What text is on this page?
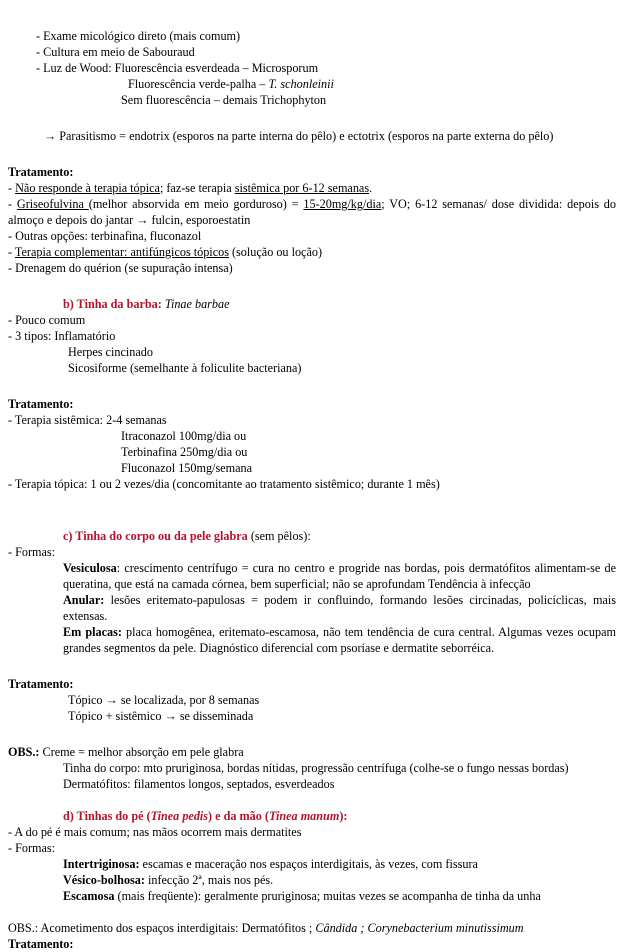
- Exame micológico direto (mais comum)
- Cultura em meio de Sabouraud
- Luz de Wood: Fluorescência esverdeada – Microsporum
Fluorescência verde-palha – T. schonleinii
Sem fluorescência – demais Trichophyton
→ Parasitismo = endotrix (esporos na parte interna do pêlo) e ectotrix (esporos na parte externa do pêlo)
Tratamento:
- Não responde à terapia tópica; faz-se terapia sistêmica por 6-12 semanas.
- Griseofulvina (melhor absorvida em meio gorduroso) = 15-20mg/kg/dia; VO; 6-12 semanas/ dose dividida: depois do almoço e depois do jantar → fulcin, esporoestatin
- Outras opções: terbinafina, fluconazol
- Terapia complementar: antifúngicos tópicos (solução ou loção)
- Drenagem do quérion (se supuração intensa)
b) Tinha da barba: Tinae barbae
- Pouco comum
- 3 tipos: Inflamatório
Herpes cincinado
Sicosiforme (semelhante à foliculite bacteriana)
Tratamento:
- Terapia sistêmica: 2-4 semanas
Itraconazol 100mg/dia ou
Terbinafina 250mg/dia ou
Fluconazol 150mg/semana
- Terapia tópica: 1 ou 2 vezes/dia (concomitante ao tratamento sistêmico; durante 1 mês)
c) Tinha do corpo ou da pele glabra (sem pêlos):
- Formas:
Vesiculosa: crescimento centrífugo = cura no centro e progride nas bordas, pois dermatófitos alimentam-se de queratina, que está na camada córnea, bem superficial; não se aprofundam Tendência à infecção
Anular: lesões eritemato-papulosas = podem ir confluindo, formando lesões circinadas, policíclicas, mais extensas.
Em placas: placa homogênea, eritemato-escamosa, não tem tendência de cura central. Algumas vezes ocupam grandes segmentos da pele. Diagnóstico diferencial com psoríase e dermatite seborréica.
Tratamento:
Tópico → se localizada, por 8 semanas
Tópico + sistêmico → se disseminada
OBS.: Creme = melhor absorção em pele glabra
Tinha do corpo: mto pruriginosa, bordas nítidas, progressão centrífuga (colhe-se o fungo nessas bordas)
Dermatófitos: filamentos longos, septados, esverdeados
d) Tinhas do pé (Tinea pedis) e da mão (Tinea manum):
- A do pé é mais comum; nas mãos ocorrem mais dermatites
- Formas:
Intertriginosa: escamas e maceração nos espaços interdigitais, às vezes, com fissura
Vésico-bolhosa: infecção 2ª, mais nos pés.
Escamosa (mais freqüente): geralmente pruriginosa; muitas vezes se acompanha de tinha da unha
OBS.: Acometimento dos espaços interdigitais: Dermatófitos ; Cândida ; Corynebacterium minutissimum
Tratamento:
